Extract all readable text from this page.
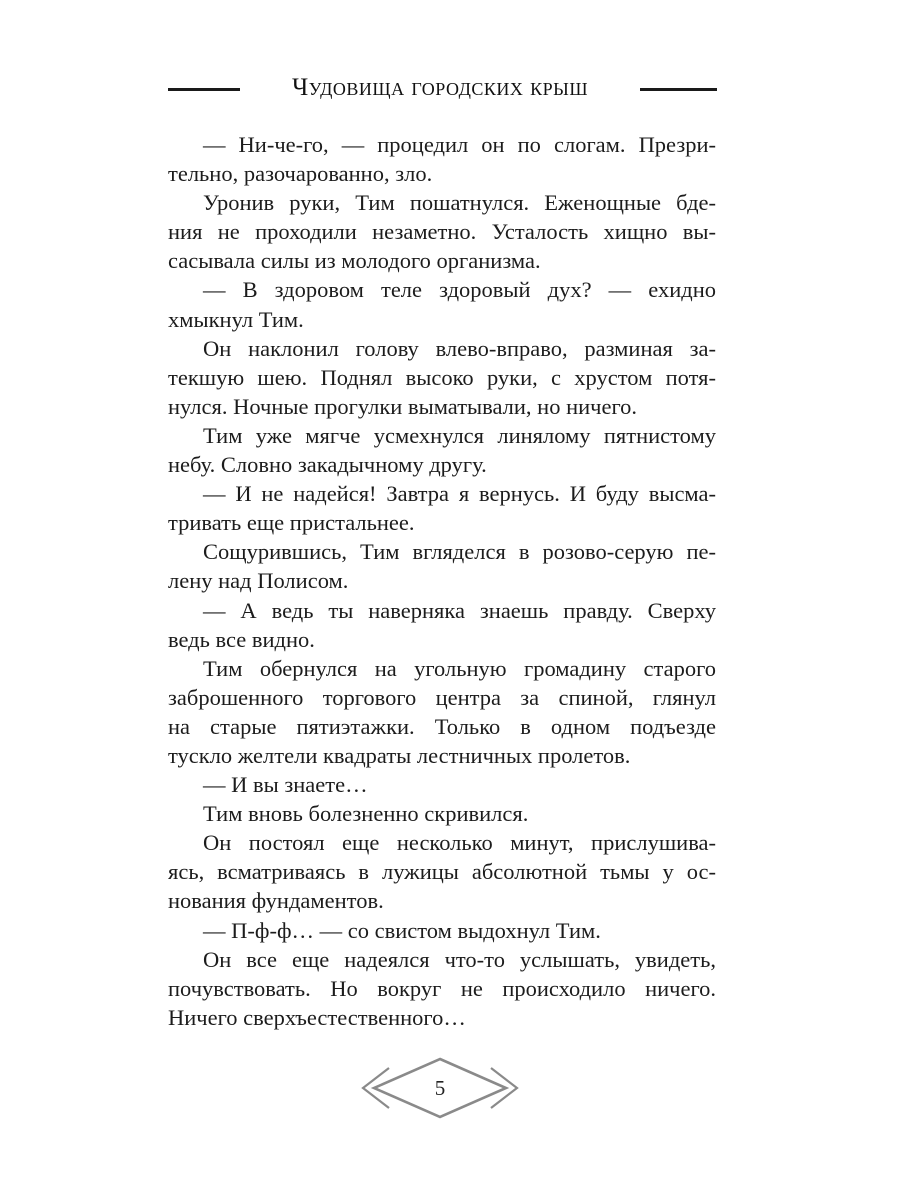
Чудовища городских крыш
— Ни-че-го, — процедил он по слогам. Презри-
тельно, разочарованно, зло.
Уронив руки, Тим пошатнулся. Еженощные бде-
ния не проходили незаметно. Усталость хищно вы-
сасывала силы из молодого организма.
— В здоровом теле здоровый дух? — ехидно
хмыкнул Тим.
Он наклонил голову влево-вправо, разминая за-
текшую шею. Поднял высоко руки, с хрустом потя-
нулся. Ночные прогулки выматывали, но ничего.
Тим уже мягче усмехнулся линялому пятнистому
небу. Словно закадычному другу.
— И не надейся! Завтра я вернусь. И буду высма-
тривать еще пристальнее.
Сощурившись, Тим вгляделся в розово-серую пе-
лену над Полисом.
— А ведь ты наверняка знаешь правду. Сверху
ведь все видно.
Тим обернулся на угольную громадину старого
заброшенного торгового центра за спиной, глянул
на старые пятиэтажки. Только в одном подъезде
тускло желтели квадраты лестничных пролетов.
— И вы знаете…
Тим вновь болезненно скривился.
Он постоял еще несколько минут, прислушива-
ясь, всматриваясь в лужицы абсолютной тьмы у ос-
нования фундаментов.
— П-ф-ф… — со свистом выдохнул Тим.
Он все еще надеялся что-то услышать, увидеть,
почувствовать. Но вокруг не происходило ничего.
Ничего сверхъестественного…
5
